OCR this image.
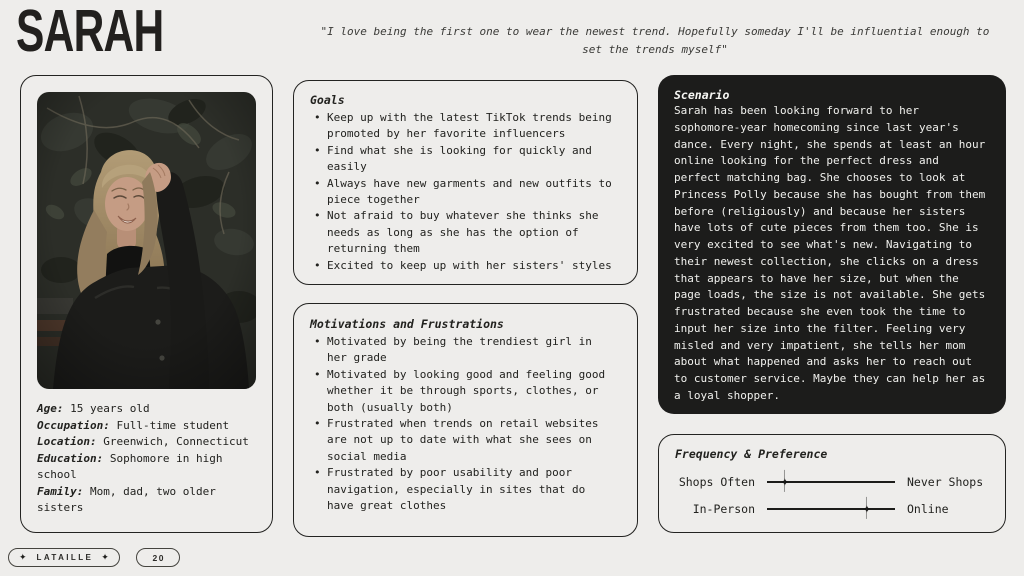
SARAH	"I love being the first one to wear the newest trend. Hopefully someday I'll be influential enough to set the trends myself"
Age: 15 years old
Occupation: Full-time student
Location: Greenwich, Connecticut
Education: Sophomore in high school
Family: Mom, dad, two older sisters
Goals
• Keep up with the latest TikTok trends being promoted by her favorite influencers
• Find what she is looking for quickly and easily
• Always have new garments and new outfits to piece together
• Not afraid to buy whatever she thinks she needs as long as she has the option of returning them
• Excited to keep up with her sisters' styles
Motivations and Frustrations
• Motivated by being the trendiest girl in her grade
• Motivated by looking good and feeling good whether it be through sports, clothes, or both (usually both)
• Frustrated when trends on retail websites are not up to date with what she sees on social media
• Frustrated by poor usability and poor navigation, especially in sites that do have great clothes
Scenario
Sarah has been looking forward to her sophomore-year homecoming since last year's dance. Every night, she spends at least an hour online looking for the perfect dress and perfect matching bag. She chooses to look at Princess Polly because she has bought from them before (religiously) and because her sisters have lots of cute pieces from them too. She is very excited to see what's new. Navigating to their newest collection, she clicks on a dress that appears to have her size, but when the page loads, the size is not available. She gets frustrated because she even took the time to input her size into the filter. Feeling very misled and very impatient, she tells her mom about what happened and asks her to reach out to customer service. Maybe they can help her as a loyal shopper.
Frequency & Preference
Shops Often ✦	Never Shops
In-Person	✦	Online
✦ LATAILLE ✦	20
